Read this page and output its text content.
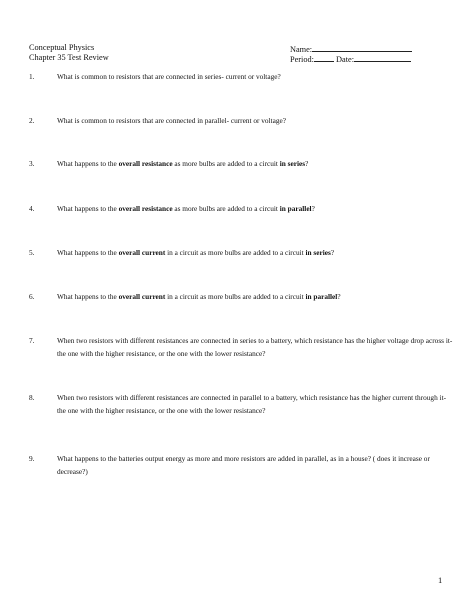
Conceptual Physics
Chapter 35 Test Review
Name:
Period:	Date:
1.	What is common to resistors that are connected in series- current or voltage?
2.	What is common to resistors that are connected in parallel- current or voltage?
3.	What happens to the overall resistance as more bulbs are added to a circuit in series?
4.	What happens to the overall resistance as more bulbs are added to a circuit in parallel?
5.	What happens to the overall current in a circuit as more bulbs are added to a circuit in series?
6.	What happens to the overall current in a circuit as more bulbs are added to a circuit in parallel?
7.	When two resistors with different resistances are connected in series to a battery, which resistance has the higher voltage drop across it- the one with the higher resistance, or the one with the lower resistance?
8.	When two resistors with different resistances are connected in parallel to a battery, which resistance has the higher current through it- the one with the higher resistance, or the one with the lower resistance?
9.	What happens to the batteries output energy as more and more resistors are added in parallel, as in a house? ( does it increase or decrease?)
1
